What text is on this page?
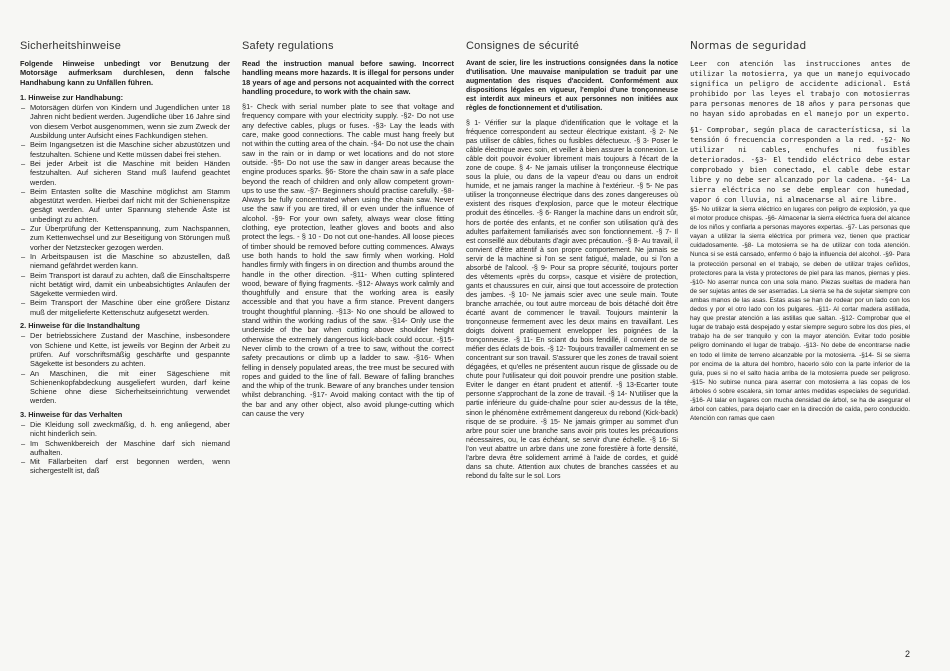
Sicherheitshinweise

Folgende Hinweise unbedingt vor Benutzung der Motorsäge aufmerksam durchlesen, denn falsche Handhabung kann zu Unfällen führen.

1. Hinweise zur Handhabung:
– Motorsägen dürfen von Kindern und Jugendlichen unter 18 Jahren nicht bedient werden. Jugendliche über 16 Jahre sind von diesem Verbot ausgenommen, wenn sie zum Zweck der Ausbildung unter Aufsicht eines Fachkundigen stehen.
– Beim Ingangsetzen ist die Maschine sicher abzustützen und festzuhalten. Schiene und Kette müssen dabei frei stehen.
– Bei jeder Arbeit ist die Maschine mit beiden Händen festzuhalten. Auf sicheren Stand muß laufend geachtet werden.
– Beim Entasten sollte die Maschine möglichst am Stamm abgestützt werden. Hierbei darf nicht mit der Schienenspitze gesägt werden. Auf unter Spannung stehende Äste ist unbedingt zu achten.
– Zur Überprüfung der Kettenspannung, zum Nachspannen, zum Kettenwechsel und zur Beseitigung von Störungen muß vorher der Netzstecker gezogen werden.
– In Arbeitspausen ist die Maschine so abzustellen, daß niemand gefährdet werden kann.
– Beim Transport ist darauf zu achten, daß die Einschaltsperre nicht betätigt wird, damit ein unbeabsichtigtes Anlaufen der Sägekette vermieden wird.
– Beim Transport der Maschine über eine größere Distanz muß der mitgelieferte Kettenschutz aufgesetzt werden.
2. Hinweise für die Instandhaltung
– Der betriebssichere Zustand der Maschine, insbesondere von Schiene und Kette, ist jeweils vor Beginn der Arbeit zu prüfen. Auf vorschriftsmäßig geschärfte und gespannte Sägekette ist besonders zu achten.
– An Maschinen, die mit einer Sägeschiene mit Schienenkopfabdeckung ausgeliefert wurden, darf keine Schiene ohne diese Sicherheitseinrichtung verwendet werden.
3. Hinweise für das Verhalten
– Die Kleidung soll zweckmäßig, d. h. eng anliegend, aber nicht hinderlich sein.
– Im Schwenkbereich der Maschine darf sich niemand aufhalten.
– Mit Fällarbeiten darf erst begonnen werden, wenn sichergestellt ist, daß
Safety regulations

Read the instruction manual before sawing. Incorrect handling means more hazards. It is illegal for persons under 18 years of age and persons not acquainted with the correct handling procedure, to work with the chain saw.

§1- Check with serial number plate to see that voltage and frequency compare with your electricity supply. -§2- Do not use any defective cables, plugs or fuses. -§3- Lay the leads with care, make good connections. The cable must hang freely but not within the cutting area of the chain. -§4- Do not use the chain saw in the rain or in damp or wet locations and do not store outside. -§5- Do not use the saw in danger areas because the engine produces sparks. §6- Store the chain saw in a safe place beyond the reach of children and only allow competent grown-ups to use the saw. -§7- Beginners should practise carefully. -§8- Always be fully concentrated when using the chain saw. Never use the saw if you are tired, ill or even under the influence of alcohol. -§9- For your own safety, always wear close fitting clothing, eye protection, leather gloves and boots and also protect the legs. - § 10 - Do not cut one-handes. All loose pieces of timber should be removed before cutting commences. Always use both hands to hold the saw firmly when working. Hold handles firmly with fingers in on direction and thumbs around the handle in the other direction. -§11- When cutting splintered wood, beware of flying fragments. -§12- Always work calmly and thoughtfully and ensure that the working area is easily accessible and that you have a firm stance. Prevent dangers trought thoughtful planning. -§13- No one should be allowed to stand within the working radius of the saw. -§14- Only use the underside of the bar when cutting above shoulder height otherwise the extremely dangerous kick-back could occur. -§15- Never climb to the crown of a tree to saw, without the correct safety precautions or climb up a ladder to saw. -§16- When felling in densely populated areas, the tree must be secured with ropes and guided to the line of fall. Beware of falling branches and the whip of the trunk. Beware of any branches under tension whilst debranching. -§17- Avoid making contact with the tip of the bar and any other object, also avoid plunge-cutting which can cause the very

Consignes de sécurité

Avant de scier, lire les instructions consignées dans la notice d'utilisation. Une mauvaise manipulation se traduit par une augmentation des risques d'accident. Conformément aux dispositions légales en vigueur, l'emploi d'une tronçonneuse est interdit aux mineurs et aux personnes non initiées aux règles de fonctionnement et d'utilisation.

§ 1- Vérifier sur la plaque d'identification que le voltage et la fréquence correspondent au secteur électrique existant. -§ 2- Ne pas utiliser de câbles, fiches ou fusibles défectueux. -§ 3- Poser le câble électrique avec soin, et veiller à bien assurer la connexion. Le câble doit pouvoir évoluer librement mais toujours à l'écart de la zone de coupe. § 4- Ne jamais utiliser la tronçonneuse électrique sous la pluie, ou dans de la vapeur d'eau ou dans un endroit humide, et ne jamais ranger la machine à l'extérieur. -§ 5- Ne pas utiliser la tronçonneuse électrique dans des zones dangereuses où existent des risques d'explosion, parce que le moteur électrique produit des étincelles. -§ 6- Ranger la machine dans un endroit sûr, hors de portée des enfants, et ne confier son utilisation qu'à des adultes parfaitement familiarisés avec son fonctionnement. -§ 7- Il est conseillé aux débutants d'agir avec précaution. -§ 8- Au travail, il convient d'être attentif à son propre comportement. Ne jamais se servir de la machine si l'on se sent fatigué, malade, ou si l'on a absorbé de l'alcool. -§ 9- Pour sa propre sécurité, toujours porter des vêtements «près du corps», casque et visière de protection, gants et chaussures en cuir, ainsi que tout accessoire de protection des jambes. -§ 10- Ne jamais scier avec une seule main. Toute branche arrachée, ou tout autre morceau de bois détaché doit être écarté avant de commencer le travail. Toujours maintenir la tronçonneuse fermement avec les deux mains en travaillant. Les doigts doivent pratiquement envelopper les poignées de la tronçonneuse. -§ 11- En sciant du bois fendillé, il convient de se méfier des éclats de bois. -§ 12- Toujours travailler calmement en se concentrant sur son travail. S'assurer que les zones de travail soient dégagées, et qu'elles ne présentent aucun risque de glissade ou de chute pour l'utilisateur qui doit pouvoir prendre une position stable. Eviter le danger en étant prudent et attentif. -§ 13-Ecarter toute personne s'approchant de la zone de travail. -§ 14- N'utiliser que la partie inférieure du guide-chaîne pour scier au-dessus de la tête, sinon le phénomène extrêmement dangereux du rebond (Kick-back) risque de se produire. -§ 15- Ne jamais grimper au sommet d'un arbre pour scier une branche sans avoir pris toutes les précautions nécessaires, ou, le cas échéant, se servir d'une échelle. -§ 16- Si l'on veut abattre un arbre dans une zone forestière à forte densité, l'arbre devra être solidement arrimé à l'aide de cordes, et guidé dans sa chute. Attention aux chutes de branches cassées et au rebond du faîte sur le sol. Lors

Normas de seguridad

Leer con atención las instrucciones antes de utilizar la motosierra, ya que un manejo equivocado significa un peligro de accidente adicional. Está prohibido por las leyes el trabajo con motosierras para personas menores de 18 años y para personas que no hayan sido aprobadas en el manejo por un experto.

§1- Comprobar, según placa de característicsa, si la tensión ó frecuencia corresponden a la red. -§2- No utilizar ni cables, enchufes ni fusibles deteriorados. -§3- El tendido eléctrico debe estar comprobado y bien conectado, el cable debe estar libre y no debe ser alcanzado por la cadena. -§4- La sierra eléctrica no se debe emplear con humedad, vapor ó con lluvia, ni almacenarse al aire libre.

§5- No utilizar la sierra eléctrico en lugares con peligro de explosión, ya que el motor produce chispas. -§6- Almacenar la sierra eléctrica fuera del alcance de los niños y confiarla a personas mayores expertas. -§7- Las personas que vayan a utilizar la sierra eléctrica por primera vez, tienen que practicar cuidadosamente. -§8- La motosierra se ha de utilizar con toda atención. Nunca si se está cansado, enfermo ó bajo la influencia del alcohol. -§9- Para la protección personal en el trabajo, se deben de utilizar trajes ceñidos, protectores para la vista y protectores de piel para las manos, piernas y pies. -§10- No aserrar nunca con una sola mano. Piezas sueltas de madera han de ser sujetas antes de ser aserradas. La sierra se ha de sujetar siempre con ambas manos de las asas. Estas asas se han de rodear por un lado con los dedos y por el otro lado con los pulgares. -§11- Al cortar madera astillada, hay que prestar atención a las astillas que saltan. -§12- Comprobar que el lugar de trabajo está despejado y estar siempre seguro sobre los dos pies, el trabajo ha de ser tranquilo y con la mayor atención. Evitar todo posible peligro dominando el lugar de trabajo. -§13- No debe de encontrarse nadie en todo el límite de terreno alcanzable por la motosierra. -§14- Si se sierra por encima de la altura del hombro, hacerlo sólo con la parte inferior de la guía, pues si no el salto hacia arriba de la motosierra puede ser peligroso. -§15- No subirse nunca para aserrar con motosierra a las copas de los árboles ó sobre escalera, sin tomar antes medidas especiales de seguridad. -§16- Al talar en lugares con mucha densidad de árbol, se ha de asegurar el árbol con cables, para dejarlo caer en la dirección de caída, pero conducido. Atención con ramas que caen

2
